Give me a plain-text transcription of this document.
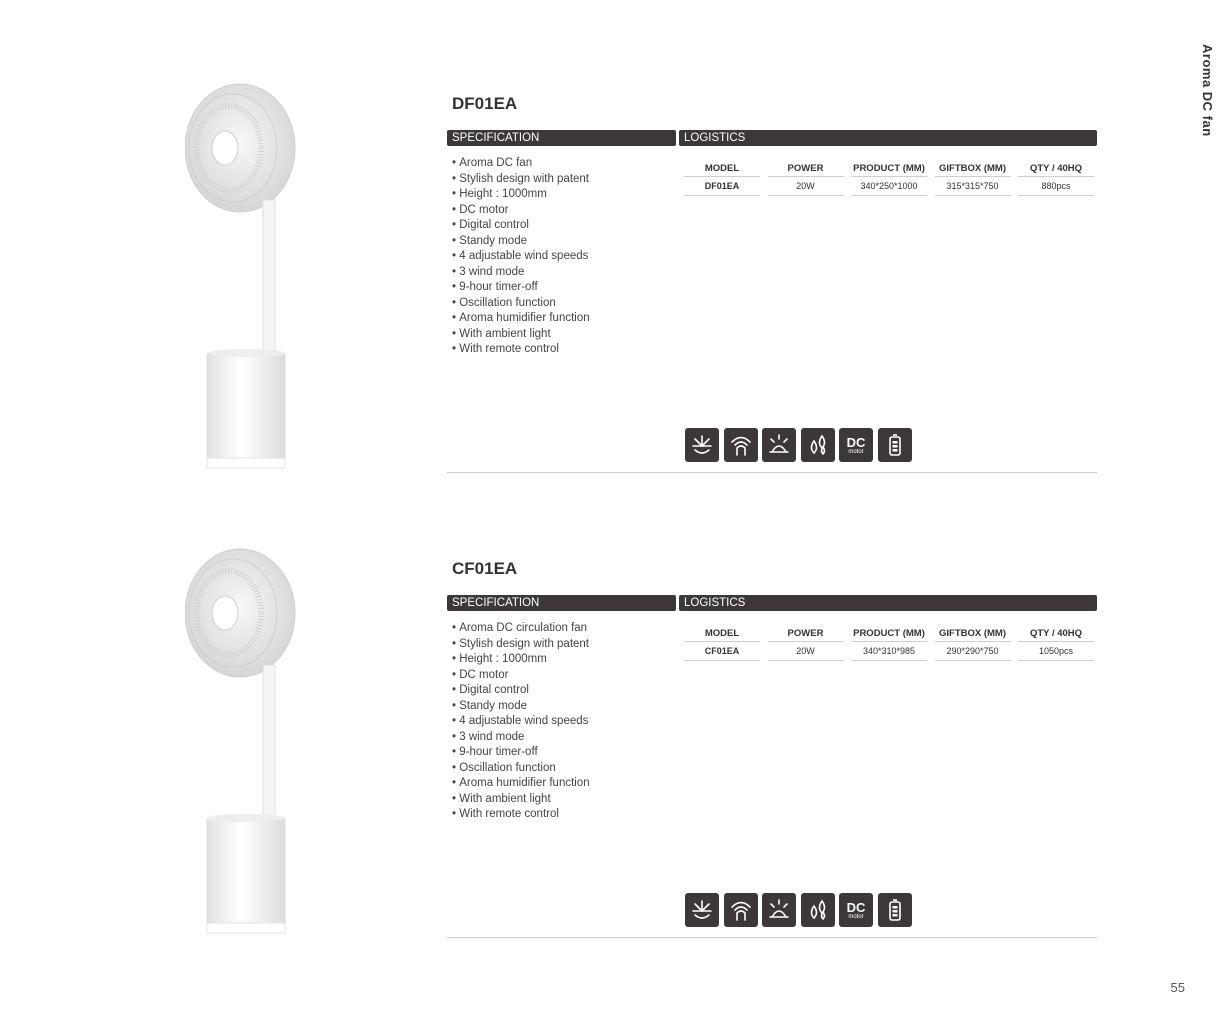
Aroma DC fan
55
DF01EA
SPECIFICATION	LOGISTICS
• Aroma DC fan
• Stylish design with patent
• Height : 1000mm
• DC motor
• Digital control
• Standy mode
• 4 adjustable wind speeds
• 3 wind mode
• 9-hour timer-off
• Oscillation function
• Aroma humidifier function
• With ambient light
• With remote control
MODEL	POWER	PRODUCT (MM)	GIFTBOX (MM)	QTY / 40HQ
DF01EA	20W	340*250*1000	315*315*750	880pcs
DC
motor
CF01EA
SPECIFICATION	LOGISTICS
• Aroma DC circulation fan
• Stylish design with patent
• Height : 1000mm
• DC motor
• Digital control
• Standy mode
• 4 adjustable wind speeds
• 3 wind mode
• 9-hour timer-off
• Oscillation function
• Aroma humidifier function
• With ambient light
• With remote control
MODEL	POWER	PRODUCT (MM)	GIFTBOX (MM)	QTY / 40HQ
CF01EA	20W	340*310*985	290*290*750	1050pcs
DC
motor
